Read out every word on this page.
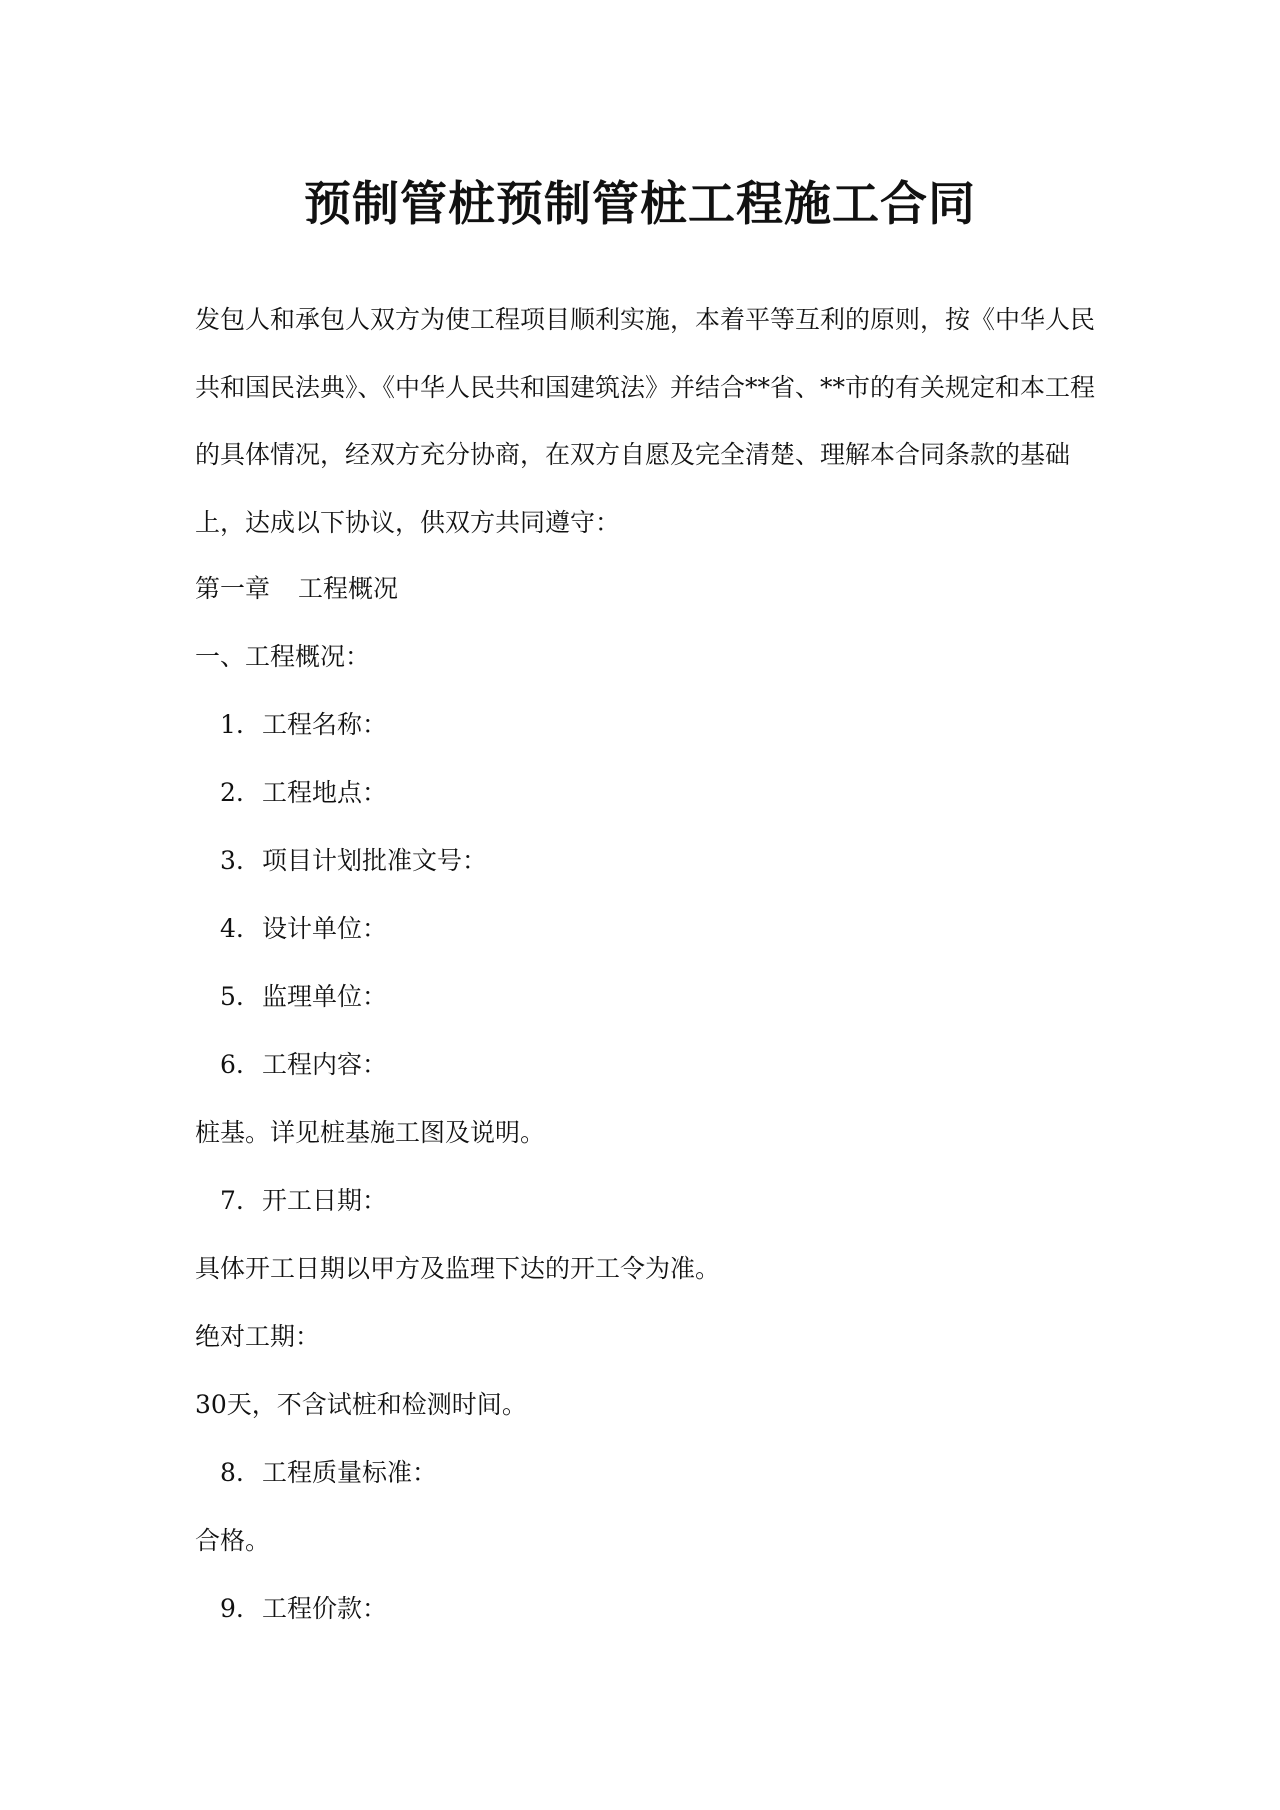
预制管桩预制管桩工程施工合同

发包人和承包人双方为使工程项目顺利实施，本着平等互利的原则，按《中华人民共和国民法典》、《中华人民共和国建筑法》并结合**省、**市的有关规定和本工程的具体情况，经双方充分协商，在双方自愿及完全清楚、理解本合同条款的基础上，达成以下协议，供双方共同遵守：

第一章 工程概况
一、工程概况：
1. 工程名称：
2. 工程地点：
3. 项目计划批准文号：
4. 设计单位：
5. 监理单位：
6. 工程内容：
桩基。详见桩基施工图及说明。
7. 开工日期：
具体开工日期以甲方及监理下达的开工令为准。
绝对工期：
30天，不含试桩和检测时间。
8. 工程质量标准：
合格。
9. 工程价款：
